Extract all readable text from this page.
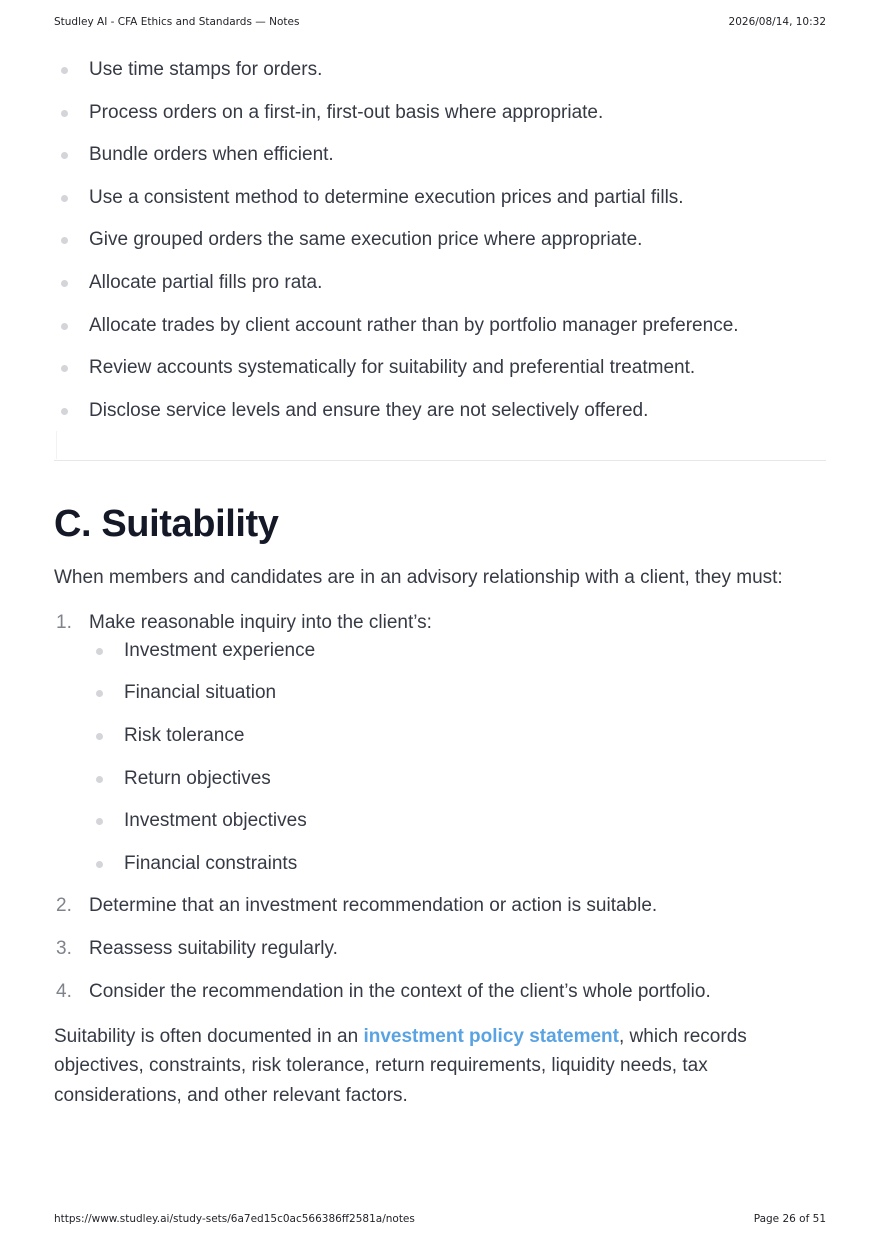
Studley AI - CFA Ethics and Standards — Notes	2026/08/14, 10:32
Use time stamps for orders.
Process orders on a first-in, first-out basis where appropriate.
Bundle orders when efficient.
Use a consistent method to determine execution prices and partial fills.
Give grouped orders the same execution price where appropriate.
Allocate partial fills pro rata.
Allocate trades by client account rather than by portfolio manager preference.
Review accounts systematically for suitability and preferential treatment.
Disclose service levels and ensure they are not selectively offered.
C. Suitability

When members and candidates are in an advisory relationship with a client, they must:

1. Make reasonable inquiry into the client’s:
Investment experience
Financial situation
Risk tolerance
Return objectives
Investment objectives
Financial constraints
2. Determine that an investment recommendation or action is suitable.
3. Reassess suitability regularly.
4. Consider the recommendation in the context of the client’s whole portfolio.

Suitability is often documented in an investment policy statement, which records objectives, constraints, risk tolerance, return requirements, liquidity needs, tax considerations, and other relevant factors.

https://www.studley.ai/study-sets/6a7ed15c0ac566386ff2581a/notes	Page 26 of 51
